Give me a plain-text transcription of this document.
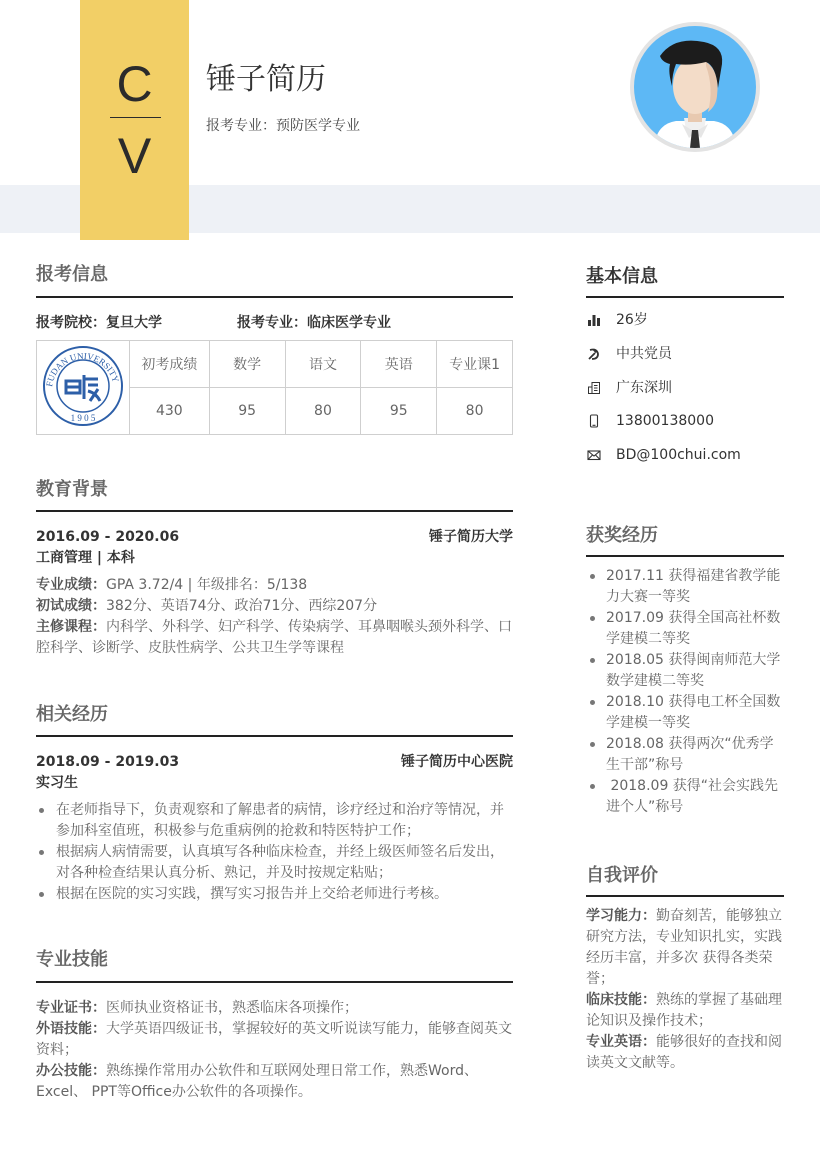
C
V
锤子简历
报考专业：预防医学专业
报考信息
报考院校：复旦大学	报考专业：临床医学专业
FUDAN UNIVERSITY
1 9 0 5	初考成绩	数学	语文	英语	专业课1
	430	95	80	95	80
教育背景
2016.09 - 2020.06	锤子简历大学
工商管理 | 本科
专业成绩：GPA 3.72/4 | 年级排名：5/138
初试成绩：382分、英语74分、政治71分、西综207分
主修课程：内科学、外科学、妇产科学、传染病学、耳鼻咽喉头颈外科学、口腔科学、诊断学、皮肤性病学、公共卫生学等课程
相关经历
2018.09 - 2019.03	锤子简历中心医院
实习生
在老师指导下，负责观察和了解患者的病情，诊疗经过和治疗等情况，并参加科室值班，积极参与危重病例的抢救和特医特护工作；
根据病人病情需要，认真填写各种临床检查，并经上级医师签名后发出，对各种检查结果认真分析、熟记，并及时按规定粘贴；
根据在医院的实习实践，撰写实习报告并上交给老师进行考核。
专业技能
专业证书：医师执业资格证书，熟悉临床各项操作；
外语技能：大学英语四级证书，掌握较好的英文听说读写能力，能够查阅英文资料；
办公技能：熟练操作常用办公软件和互联网处理日常工作，熟悉Word、Excel、 PPT等Office办公软件的各项操作。
基本信息
26岁
中共党员
广东深圳
13800138000
BD@100chui.com
获奖经历
2017.11 获得福建省教学能力大赛一等奖
2017.09 获得全国高社杯数学建模二等奖
2018.05 获得闽南师范大学数学建模二等奖
2018.10 获得电工杯全国数学建模一等奖
2018.08 获得两次“优秀学生干部”称号
2018.09 获得“社会实践先进个人”称号
自我评价
学习能力：勤奋刻苦，能够独立研究方法，专业知识扎实，实践经历丰富，并多次 获得各类荣誉；
临床技能：熟练的掌握了基础理论知识及操作技术；
专业英语：能够很好的查找和阅读英文文献等。
